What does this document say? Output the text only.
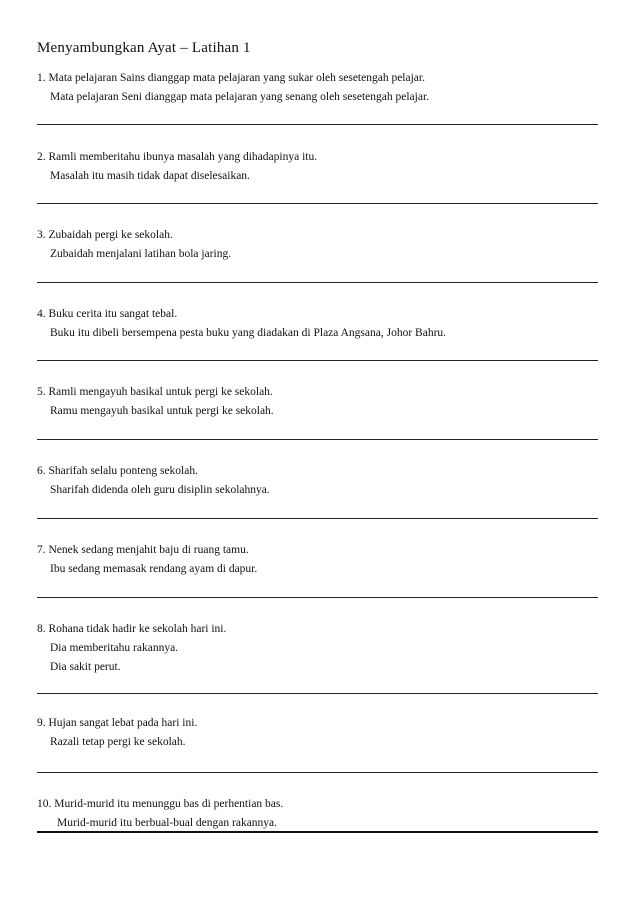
Menyambungkan Ayat – Latihan 1
1. Mata pelajaran Sains dianggap mata pelajaran yang sukar oleh sesetengah pelajar.
Mata pelajaran Seni dianggap mata pelajaran yang senang oleh sesetengah pelajar.
2. Ramli memberitahu ibunya masalah yang dihadapinya itu.
Masalah itu masih tidak dapat diselesaikan.
3. Zubaidah pergi ke sekolah.
Zubaidah menjalani latihan bola jaring.
4. Buku cerita itu sangat tebal.
Buku itu dibeli bersempena pesta buku yang diadakan di Plaza Angsana, Johor Bahru.
5. Ramli mengayuh basikal untuk pergi ke sekolah.
Ramu mengayuh basikal untuk pergi ke sekolah.
6. Sharifah selalu ponteng sekolah.
Sharifah didenda oleh guru disiplin sekolahnya.
7. Nenek sedang menjahit baju di ruang tamu.
Ibu sedang memasak rendang ayam di dapur.
8. Rohana tidak hadir ke sekolah hari ini.
Dia memberitahu rakannya.
Dia sakit perut.
9. Hujan sangat lebat pada hari ini.
Razali tetap pergi ke sekolah.
10. Murid-murid itu menunggu bas di perhentian bas.
Murid-murid itu berbual-bual dengan rakannya.
